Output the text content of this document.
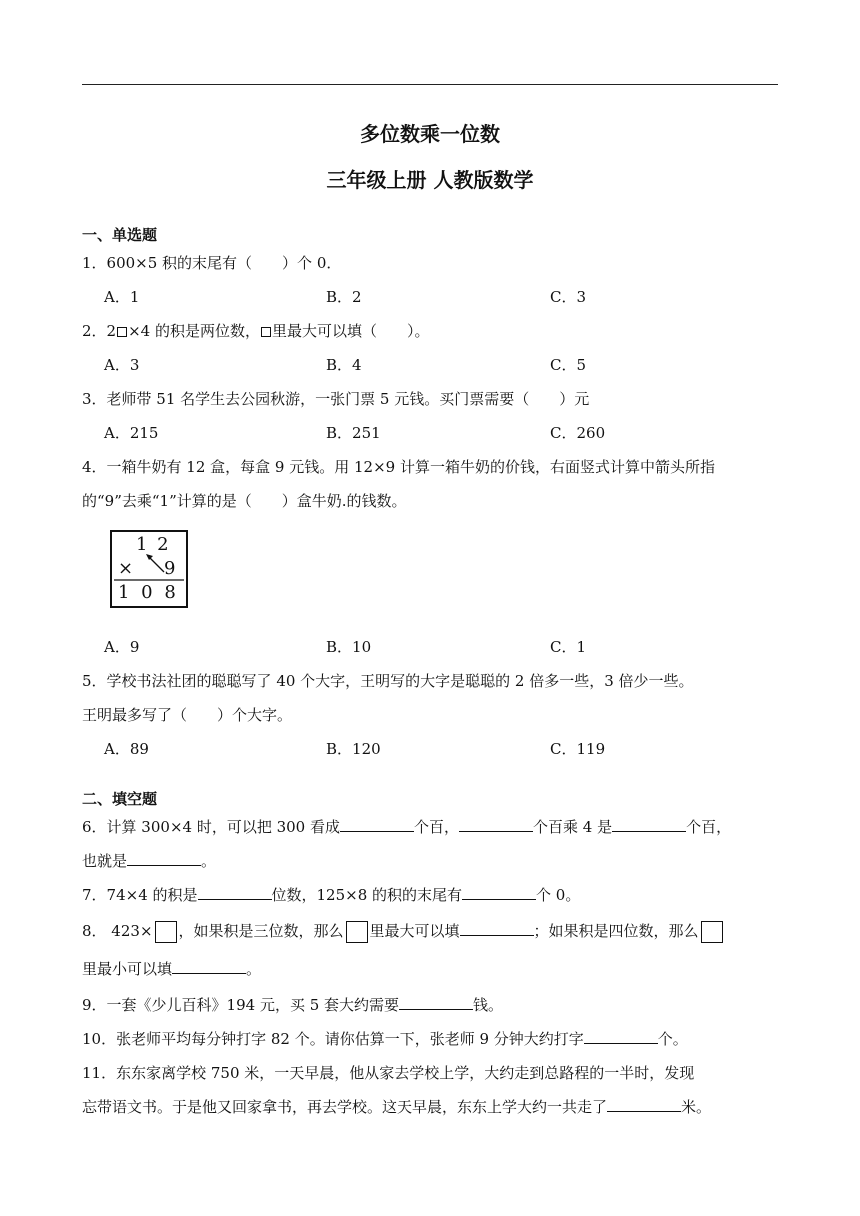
多位数乘一位数
三年级上册 人教版数学
一、单选题
1．600×5 积的末尾有（　　）个 0．
A．1	B．2	C．3
2．2 ×4 的积是两位数， 里最大可以填（　　）。
A．3	B．4	C．5
3．老师带 51 名学生去公园秋游，一张门票 5 元钱。买门票需要（　　）元
A．215	B．251	C．260
4．一箱牛奶有 12 盒，每盒 9 元钱。用 12×9 计算一箱牛奶的价钱，右面竖式计算中箭头所指
的“9”去乘“1”计算的是（　　）盒牛奶.的钱数。
1 2
× 9
1 0 8
A．9	B．10	C．1
5．学校书法社团的聪聪写了 40 个大字，王明写的大字是聪聪的 2 倍多一些，3 倍少一些。
王明最多写了（　　）个大字。
A．89	B．120	C．119
二、填空题
6．计算 300×4 时，可以把 300 看成	个百，	个百乘 4 是	个百，
也就是	。
7．74×4 的积是	位数，125×8 的积的末尾有	个 0。
8． 423× ，如果积是三位数，那么 里最大可以填	；如果积是四位数，那么
里最小可以填	。
9．一套《少儿百科》194 元，买 5 套大约需要	钱。
10．张老师平均每分钟打字 82 个。请你估算一下，张老师 9 分钟大约打字	个。
11．东东家离学校 750 米，一天早晨，他从家去学校上学，大约走到总路程的一半时，发现
忘带语文书。于是他又回家拿书，再去学校。这天早晨，东东上学大约一共走了	米。
